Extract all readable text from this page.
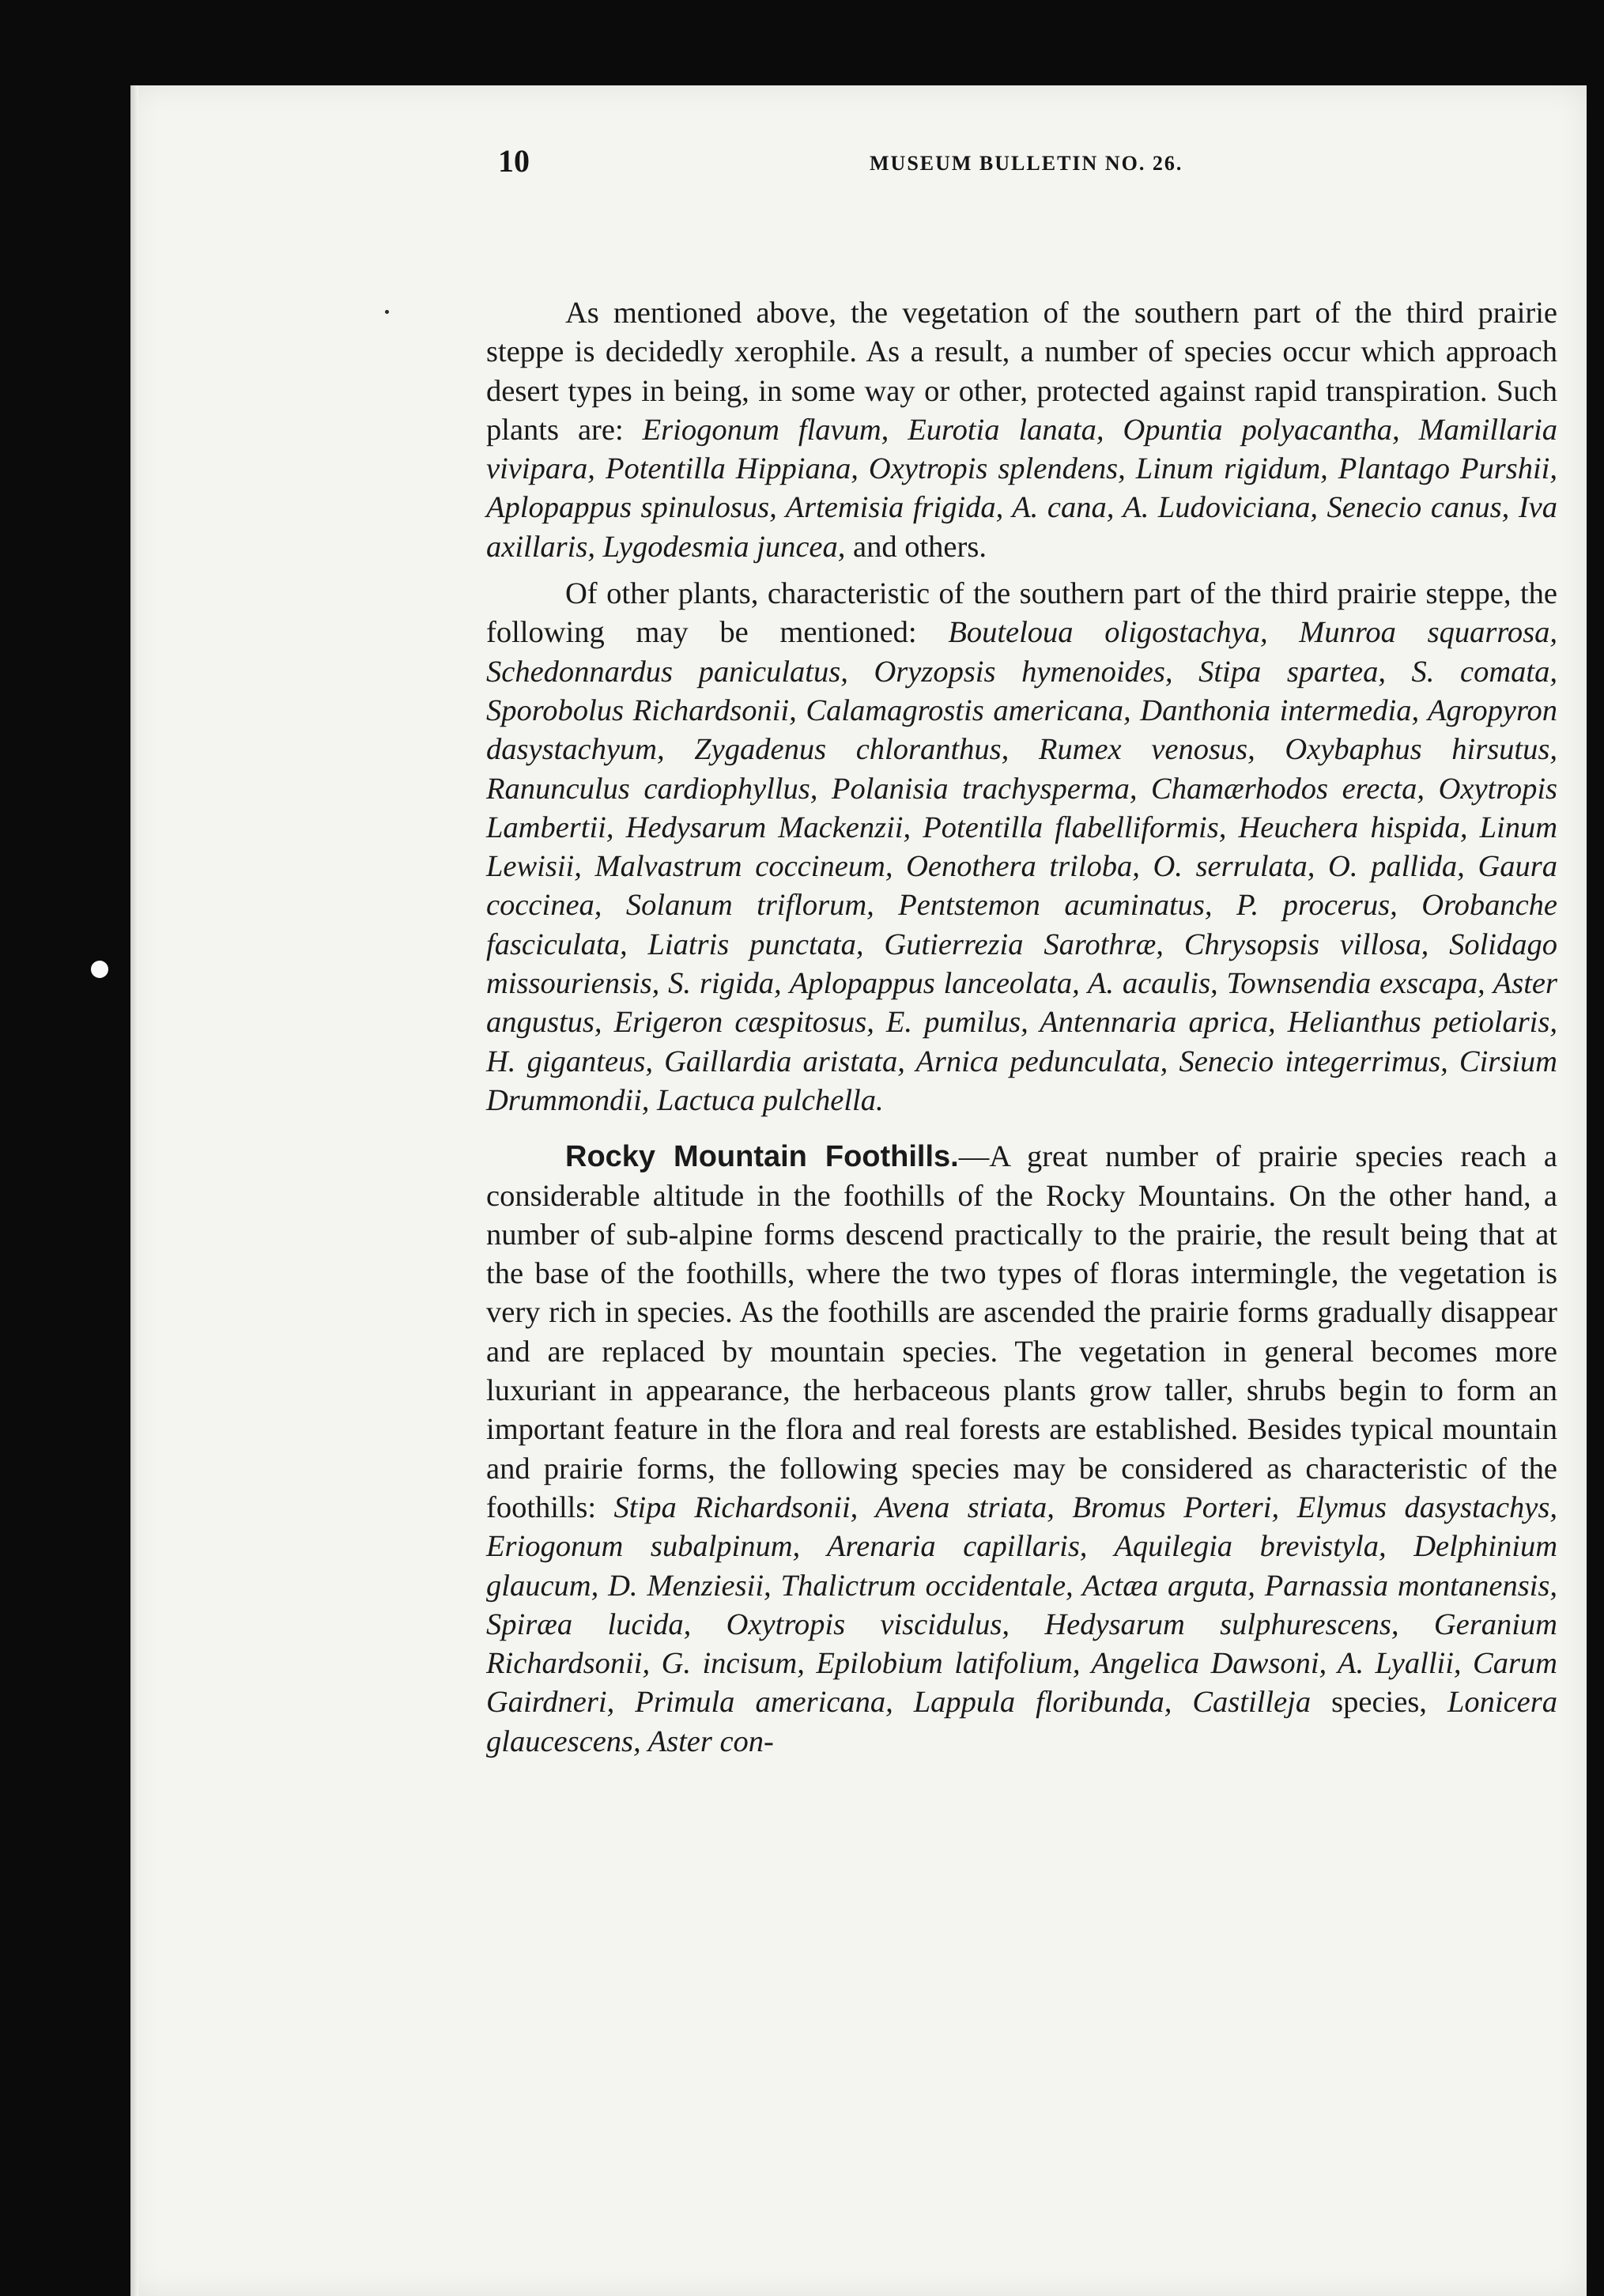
10	MUSEUM BULLETIN NO. 26.

As mentioned above, the vegetation of the southern part of the third prairie steppe is decidedly xerophile. As a result, a number of species occur which approach desert types in being, in some way or other, protected against rapid transpiration. Such plants are: Eriogonum flavum, Eurotia lanata, Opuntia polyacantha, Mamillaria vivipara, Potentilla Hippiana, Oxytropis splendens, Linum rigidum, Plantago Purshii, Aplopappus spinulosus, Artemisia frigida, A. cana, A. Ludoviciana, Senecio canus, Iva axillaris, Lygodesmia juncea, and others.

Of other plants, characteristic of the southern part of the third prairie steppe, the following may be mentioned: Bouteloua oligostachya, Munroa squarrosa, Schedonnardus paniculatus, Oryzopsis hymenoides, Stipa spartea, S. comata, Sporobolus Richardsonii, Calamagrostis americana, Danthonia intermedia, Agropyron dasystachyum, Zygadenus chloranthus, Rumex venosus, Oxybaphus hirsutus, Ranunculus cardiophyllus, Polanisia trachysperma, Chamærhodos erecta, Oxytropis Lambertii, Hedysarum Mackenzii, Potentilla flabelliformis, Heuchera hispida, Linum Lewisii, Malvastrum coccineum, Oenothera triloba, O. serrulata, O. pallida, Gaura coccinea, Solanum triflorum, Pentstemon acuminatus, P. procerus, Orobanche fasciculata, Liatris punctata, Gutierrezia Sarothræ, Chrysopsis villosa, Solidago missouriensis, S. rigida, Aplopappus lanceolata, A. acaulis, Townsendia exscapa, Aster angustus, Erigeron cæspitosus, E. pumilus, Antennaria aprica, Helianthus petiolaris, H. giganteus, Gaillardia aristata, Arnica pedunculata, Senecio integerrimus, Cirsium Drummondii, Lactuca pulchella.

Rocky Mountain Foothills.—A great number of prairie species reach a considerable altitude in the foothills of the Rocky Mountains. On the other hand, a number of sub-alpine forms descend practically to the prairie, the result being that at the base of the foothills, where the two types of floras intermingle, the vegetation is very rich in species. As the foothills are ascended the prairie forms gradually disappear and are replaced by mountain species. The vegetation in general becomes more luxuriant in appearance, the herbaceous plants grow taller, shrubs begin to form an important feature in the flora and real forests are established. Besides typical mountain and prairie forms, the following species may be considered as characteristic of the foothills: Stipa Richardsonii, Avena striata, Bromus Porteri, Elymus dasystachys, Eriogonum subalpinum, Arenaria capillaris, Aquilegia brevistyla, Delphinium glaucum, D. Menziesii, Thalictrum occidentale, Actæa arguta, Parnassia montanensis, Spiræa lucida, Oxytropis viscidulus, Hedysarum sulphurescens, Geranium Richardsonii, G. incisum, Epilobium latifolium, Angelica Dawsoni, A. Lyallii, Carum Gairdneri, Primula americana, Lappula floribunda, Castilleja species, Lonicera glaucescens, Aster con-
